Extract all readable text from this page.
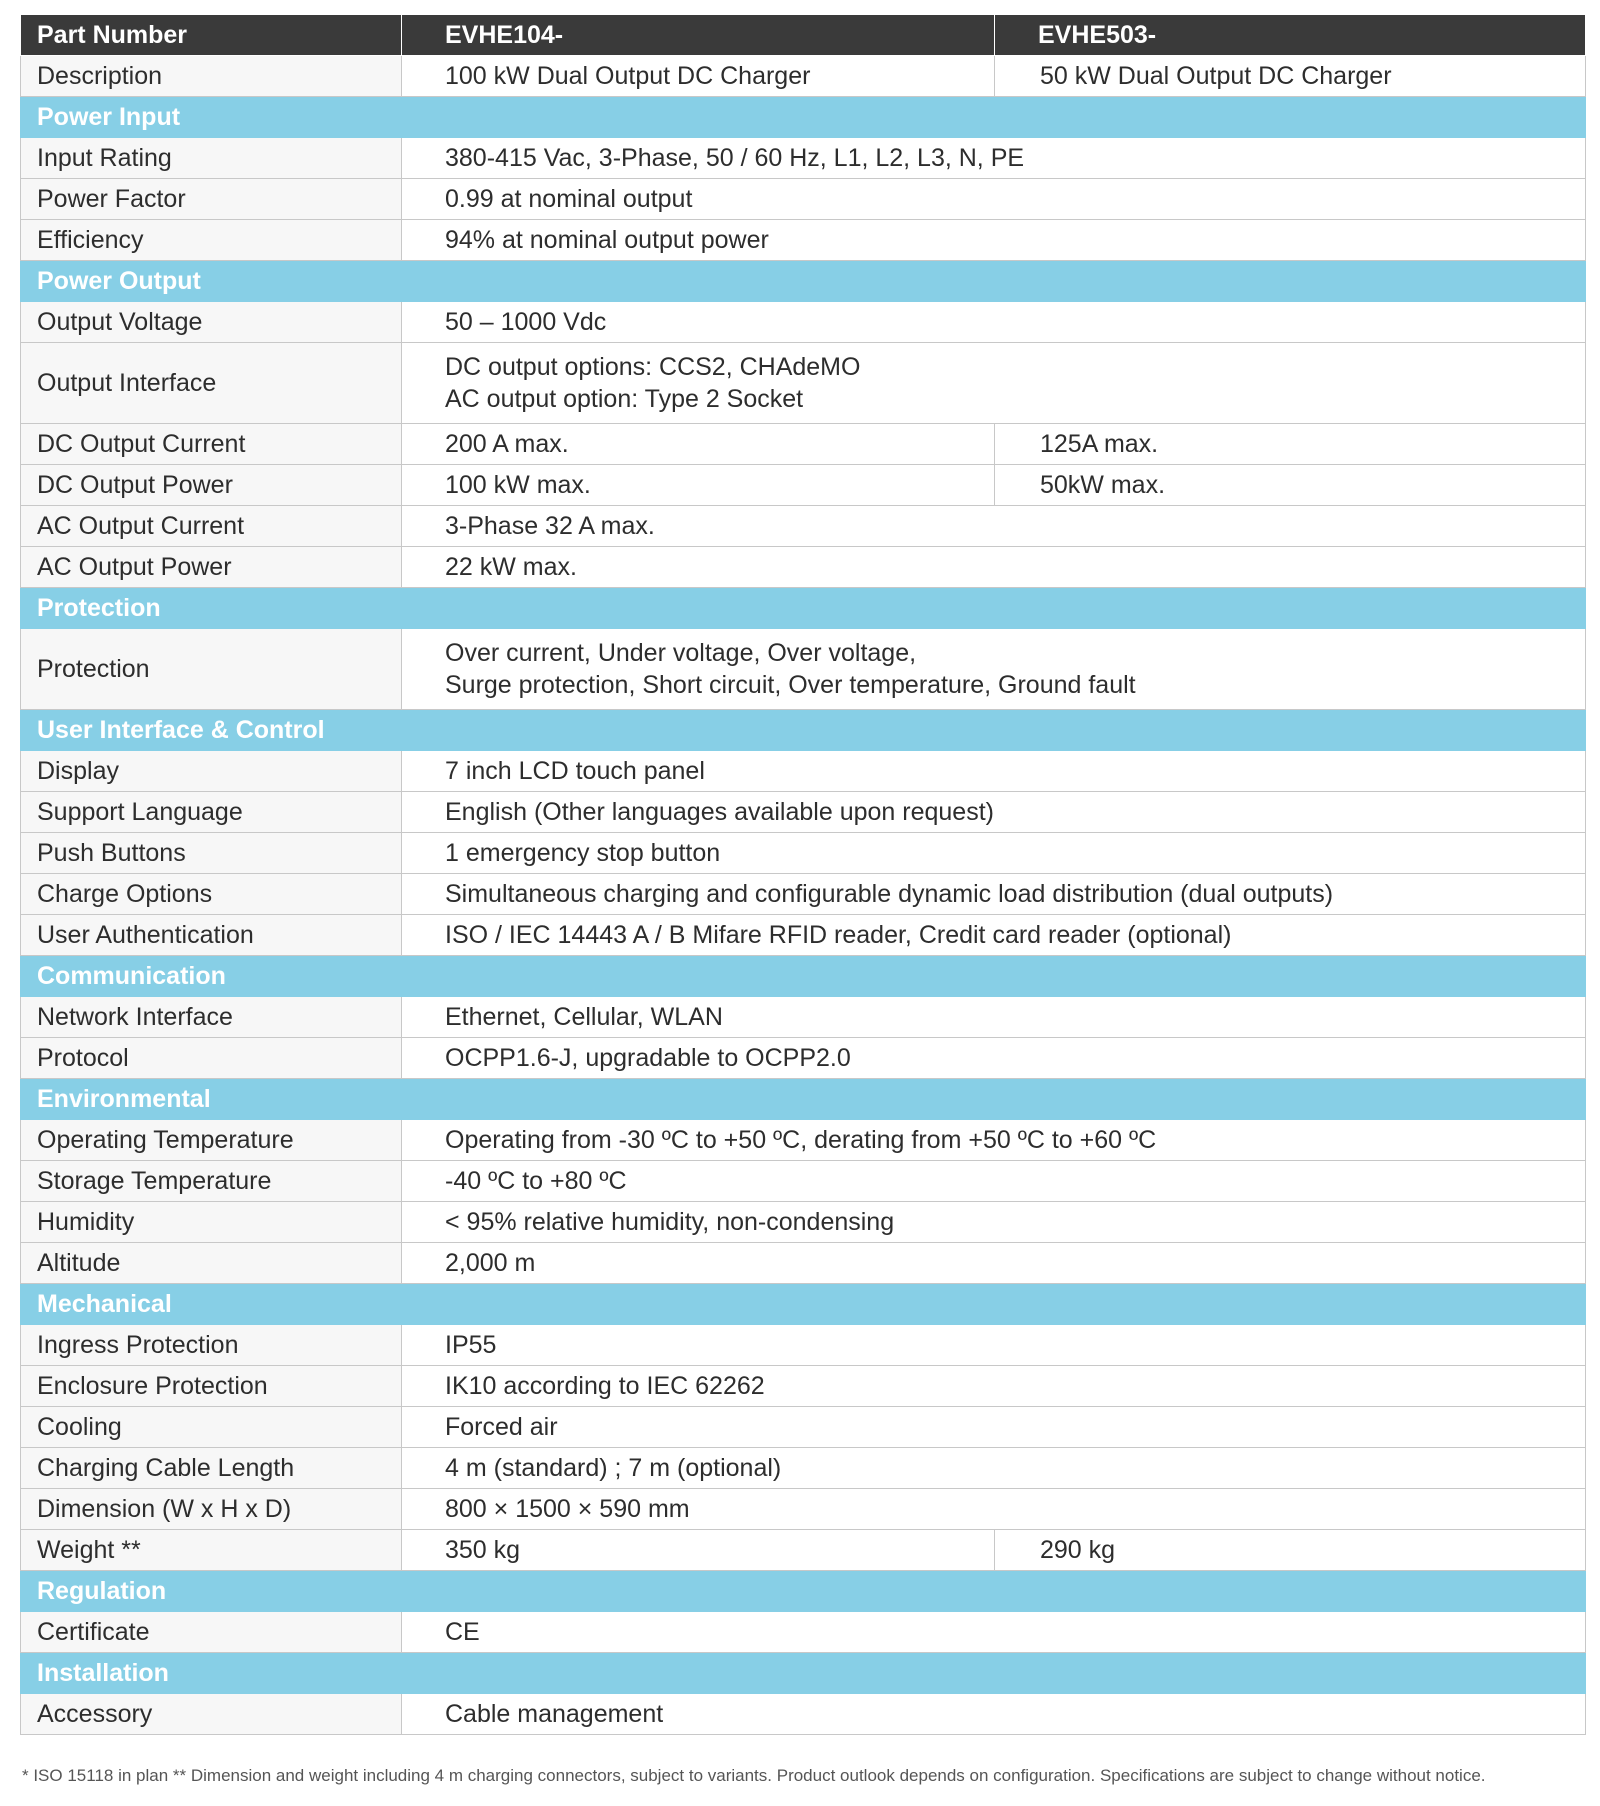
Part Number	EVHE104-	EVHE503-
Description	100 kW Dual Output DC Charger	50 kW Dual Output DC Charger
Power Input		
Input Rating	380-415 Vac, 3-Phase, 50 / 60 Hz, L1, L2, L3, N, PE	
Power Factor	0.99 at nominal output	
Efficiency	94% at nominal output power	
Power Output		
Output Voltage	50 – 1000 Vdc	
Output Interface	DC output options: CCS2, CHAdeMO
AC output option: Type 2 Socket	

DC Output Current	200 A max.	125A max.
DC Output Power	100 kW max.	50kW max.
AC Output Current	3-Phase 32 A max.	
AC Output Power	22 kW max.	
Protection		
Protection	Over current, Under voltage, Over voltage,
Surge protection, Short circuit, Over temperature, Ground fault	

User Interface & Control		
Display	7 inch LCD touch panel	
Support Language	English (Other languages available upon request)	
Push Buttons	1 emergency stop button	
Charge Options	Simultaneous charging and configurable dynamic load distribution (dual outputs)	
User Authentication	ISO / IEC 14443 A / B Mifare RFID reader, Credit card reader (optional)	
Communication		
Network Interface	Ethernet, Cellular, WLAN	
Protocol	OCPP1.6-J, upgradable to OCPP2.0	
Environmental		
Operating Temperature	Operating from -30 ºC to +50 ºC, derating from +50 ºC to +60 ºC	
Storage Temperature	-40 ºC to +80 ºC	
Humidity	< 95% relative humidity, non-condensing	
Altitude	2,000 m	
Mechanical		
Ingress Protection	IP55	
Enclosure Protection	IK10 according to IEC 62262	
Cooling	Forced air	
Charging Cable Length	4 m (standard) ; 7 m (optional)	
Dimension (W x H x D)	800 × 1500 × 590 mm	
Weight **	350 kg	290 kg
Regulation		
Certificate	CE	
Installation		
Accessory	Cable management	
* ISO 15118 in plan ** Dimension and weight including 4 m charging connectors, subject to variants. Product outlook depends on configuration. Specifications are subject to change without notice.
